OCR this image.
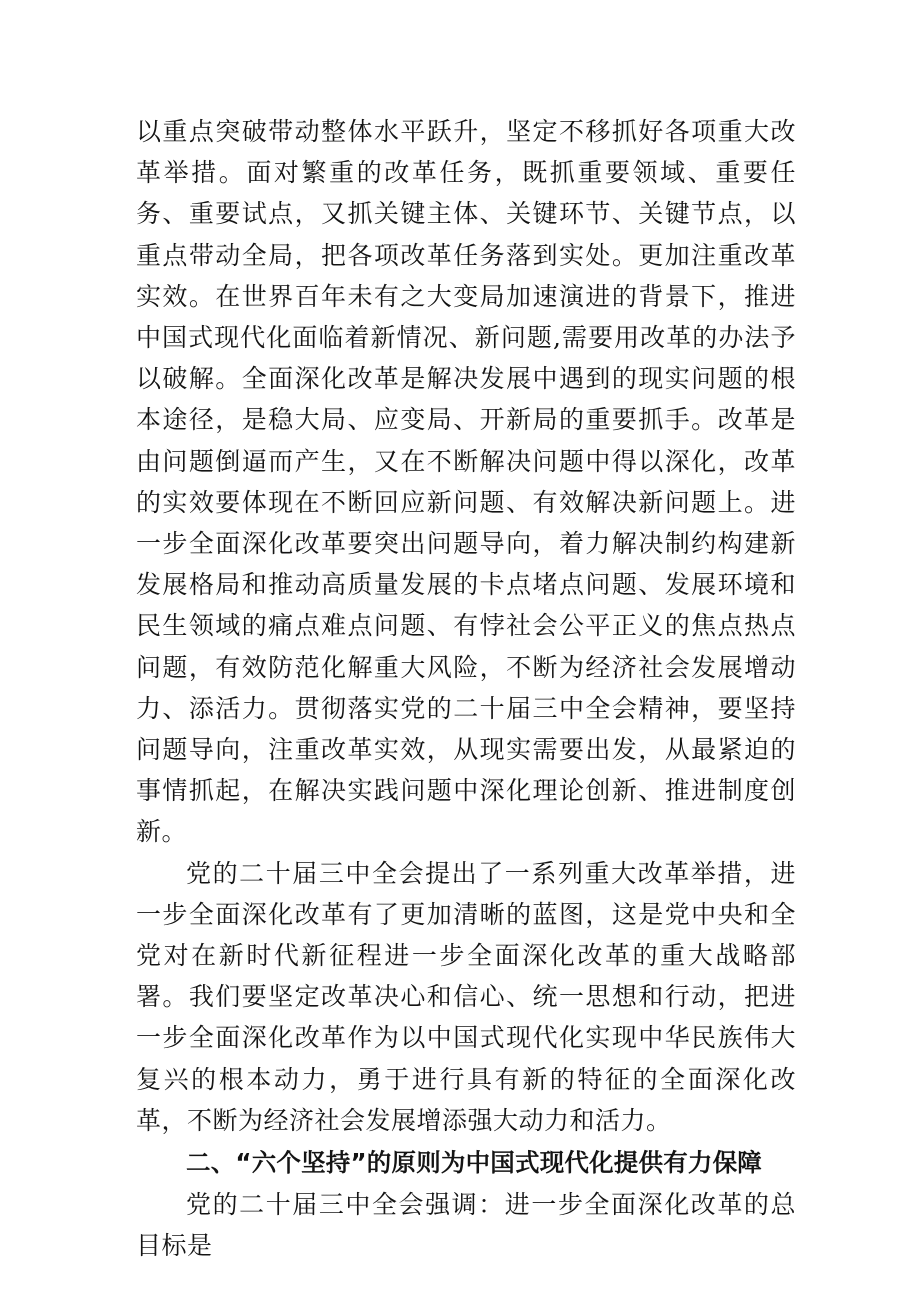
以重点突破带动整体水平跃升，坚定不移抓好各项重大改革举措。面对繁重的改革任务，既抓重要领域、重要任务、重要试点，又抓关键主体、关键环节、关键节点，以重点带动全局，把各项改革任务落到实处。更加注重改革实效。在世界百年未有之大变局加速演进的背景下，推进中国式现代化面临着新情况、新问题,需要用改革的办法予以破解。全面深化改革是解决发展中遇到的现实问题的根本途径，是稳大局、应变局、开新局的重要抓手。改革是由问题倒逼而产生，又在不断解决问题中得以深化，改革的实效要体现在不断回应新问题、有效解决新问题上。进一步全面深化改革要突出问题导向，着力解决制约构建新发展格局和推动高质量发展的卡点堵点问题、发展环境和民生领域的痛点难点问题、有悖社会公平正义的焦点热点问题，有效防范化解重大风险，不断为经济社会发展增动力、添活力。贯彻落实党的二十届三中全会精神，要坚持问题导向，注重改革实效，从现实需要出发，从最紧迫的事情抓起，在解决实践问题中深化理论创新、推进制度创新。

党的二十届三中全会提出了一系列重大改革举措，进一步全面深化改革有了更加清晰的蓝图，这是党中央和全党对在新时代新征程进一步全面深化改革的重大战略部署。我们要坚定改革决心和信心、统一思想和行动，把进一步全面深化改革作为以中国式现代化实现中华民族伟大复兴的根本动力，勇于进行具有新的特征的全面深化改革，不断为经济社会发展增添强大动力和活力。

二、“六个坚持”的原则为中国式现代化提供有力保障

党的二十届三中全会强调：进一步全面深化改革的总目标是
